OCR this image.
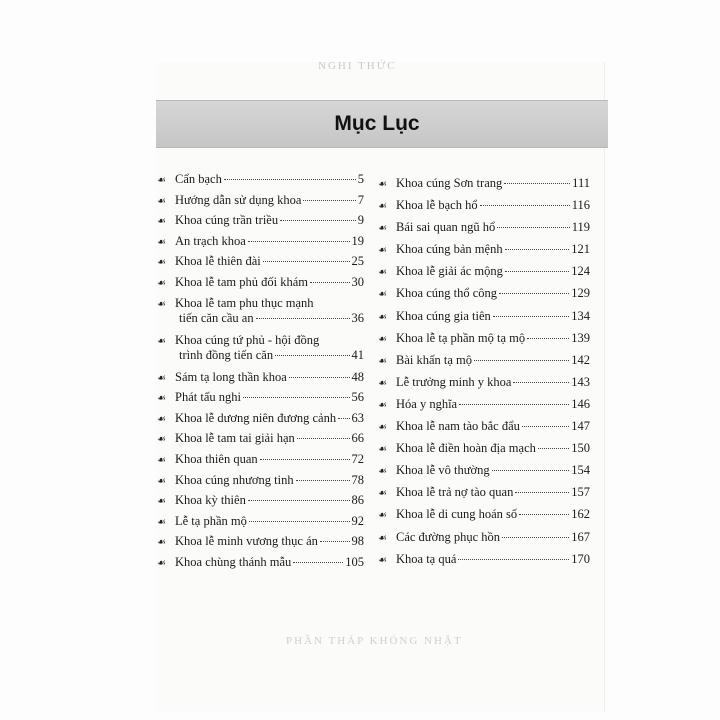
NGHI THỨC
Mục Lục
☙ Cẩn bạch	5
☙ Hướng dẫn sử dụng khoa	7
☙ Khoa cúng trần triều	9
☙ An trạch khoa	19
☙ Khoa lễ thiên đài	25
☙ Khoa lễ tam phủ đối khám	30
☙ Khoa lễ tam phu thục mạnh
tiến căn cầu an	36
☙ Khoa cúng tứ phủ - hội đồng
trình đồng tiến căn	41
☙ Sám tạ long thần khoa	48
☙ Phát tấu nghi	56
☙ Khoa lễ dương niên đương cảnh 63
☙ Khoa lễ tam tai giải hạn	66
☙ Khoa thiên quan	72
☙ Khoa cúng nhương tinh	78
☙ Khoa kỳ thiên	86
☙ Lễ tạ phần mộ	92
☙ Khoa lễ minh vương thục án	98
☙ Khoa chùng thánh mẫu	105
☙ Khoa cúng Sơn trang	111
☙ Khoa lễ bạch hổ	116
☙ Bái sai quan ngũ hổ	119
☙ Khoa cúng bản mệnh	121
☙ Khoa lễ giải ác mộng	124
☙ Khoa cúng thổ công	129
☙ Khoa cúng gia tiên	134
☙ Khoa lễ tạ phần mộ tạ mộ	139
☙ Bài khấn tạ mộ	142
☙ Lễ trưởng minh y khoa	143
☙ Hóa y nghĩa	146
☙ Khoa lễ nam tào bắc đẩu	147
☙ Khoa lễ điền hoàn địa mạch	150
☙ Khoa lễ vô thường	154
☙ Khoa lễ trả nợ tào quan	157
☙ Khoa lễ di cung hoán số	162
☙ Các đường phục hồn	167
☙ Khoa tạ quá	170
PHẦN THÁP KHÓNG NHẬT
